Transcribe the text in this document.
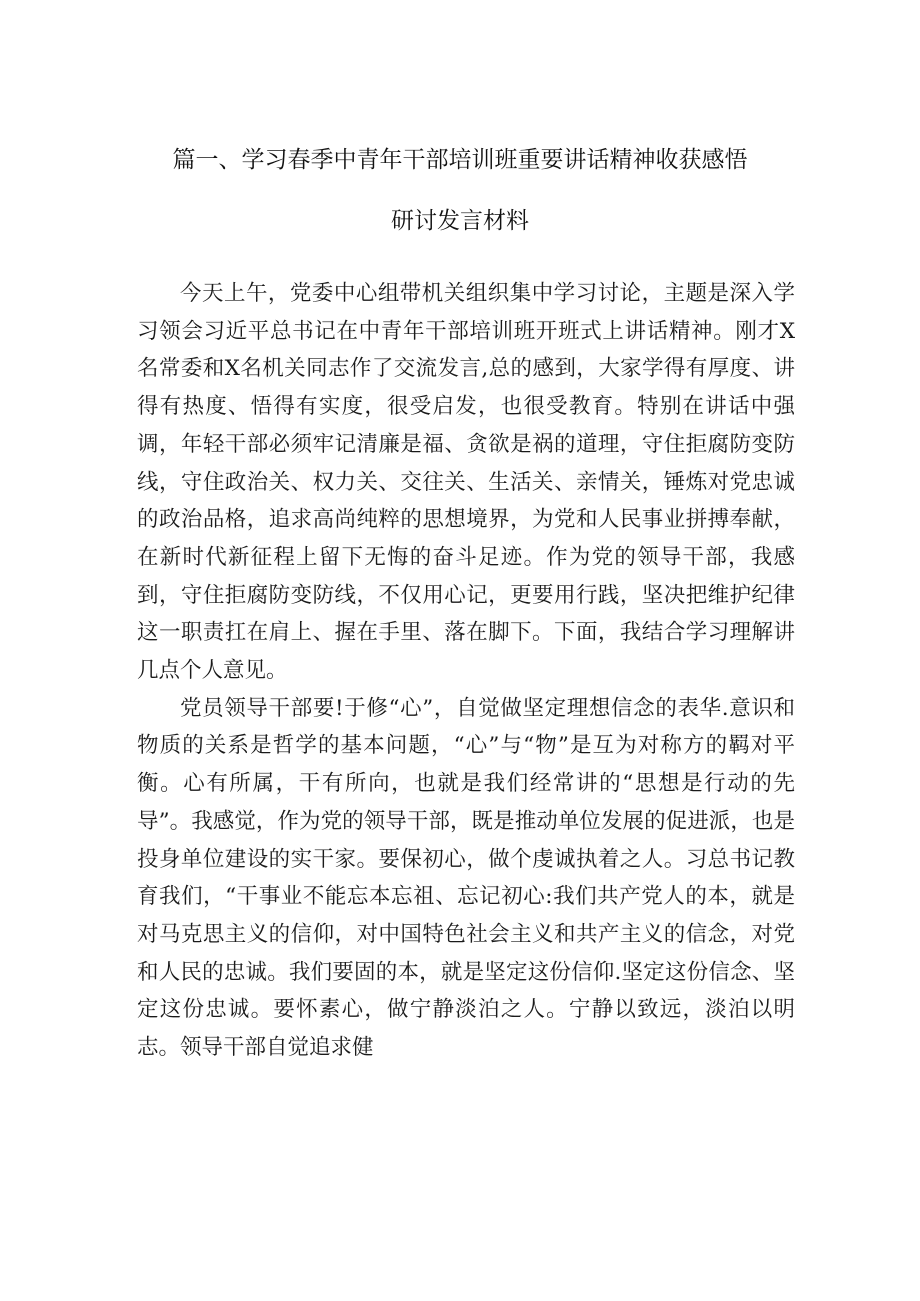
篇一、学习春季中青年干部培训班重要讲话精神收获感悟
研讨发言材料

今天上午，党委中心组带机关组织集中学习讨论，主题是深入学习领会习近平总书记在中青年干部培训班开班式上讲话精神。刚才X名常委和X名机关同志作了交流发言,总的感到，大家学得有厚度、讲得有热度、悟得有实度，很受启发，也很受教育。特别在讲话中强调，年轻干部必须牢记清廉是福、贪欲是祸的道理，守住拒腐防变防线，守住政治关、权力关、交往关、生活关、亲情关，锤炼对党忠诚的政治品格，追求高尚纯粹的思想境界，为党和人民事业拼搏奉献，在新时代新征程上留下无悔的奋斗足迹。作为党的领导干部，我感到，守住拒腐防变防线，不仅用心记，更要用行践，坚决把维护纪律这一职责扛在肩上、握在手里、落在脚下。下面，我结合学习理解讲几点个人意见。

党员领导干部要!于修“心”，自觉做坚定理想信念的表华.意识和物质的关系是哲学的基本问题，“心”与“物”是互为对称方的羁对平衡。心有所属，干有所向，也就是我们经常讲的“思想是行动的先导”。我感觉，作为党的领导干部，既是推动单位发展的促进派，也是投身单位建设的实干家。要保初心，做个虔诚执着之人。习总书记教育我们，“干事业不能忘本忘祖、忘记初心:我们共产党人的本，就是对马克思主义的信仰，对中国特色社会主义和共产主义的信念，对党和人民的忠诚。我们要固的本，就是坚定这份信仰.坚定这份信念、坚定这份忠诚。要怀素心，做宁静淡泊之人。宁静以致远，淡泊以明志。领导干部自觉追求健
